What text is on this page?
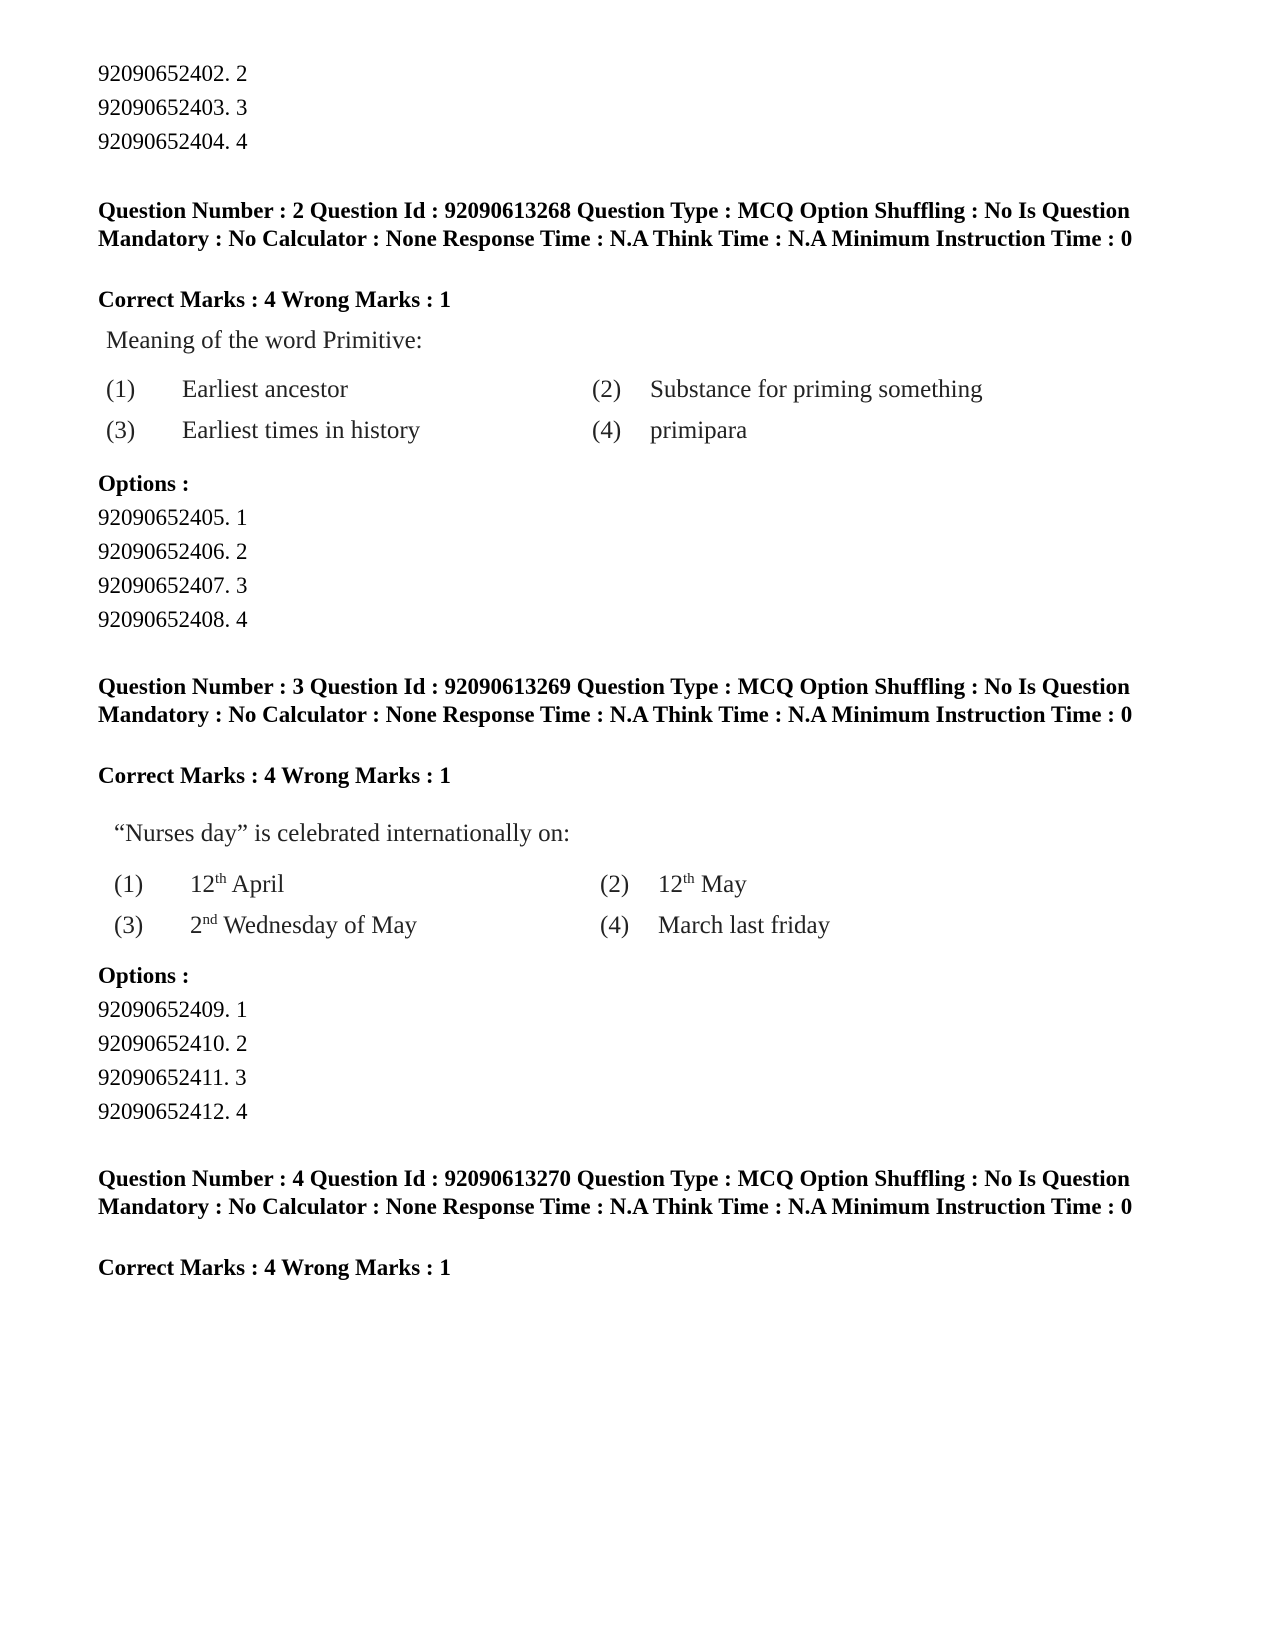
92090652402. 2
92090652403. 3
92090652404. 4
Question Number : 2 Question Id : 92090613268 Question Type : MCQ Option Shuffling : No Is Question Mandatory : No Calculator : None Response Time : N.A Think Time : N.A Minimum Instruction Time : 0
Correct Marks : 4 Wrong Marks : 1
Meaning of the word Primitive:
(1) Earliest ancestor	(2) Substance for priming something
(3) Earliest times in history	(4) primipara
Options :
92090652405. 1
92090652406. 2
92090652407. 3
92090652408. 4
Question Number : 3 Question Id : 92090613269 Question Type : MCQ Option Shuffling : No Is Question Mandatory : No Calculator : None Response Time : N.A Think Time : N.A Minimum Instruction Time : 0
Correct Marks : 4 Wrong Marks : 1
“Nurses day” is celebrated internationally on:
(1) 12th April	(2) 12th May
(3) 2nd Wednesday of May	(4) March last friday
Options :
92090652409. 1
92090652410. 2
92090652411. 3
92090652412. 4
Question Number : 4 Question Id : 92090613270 Question Type : MCQ Option Shuffling : No Is Question Mandatory : No Calculator : None Response Time : N.A Think Time : N.A Minimum Instruction Time : 0
Correct Marks : 4 Wrong Marks : 1
